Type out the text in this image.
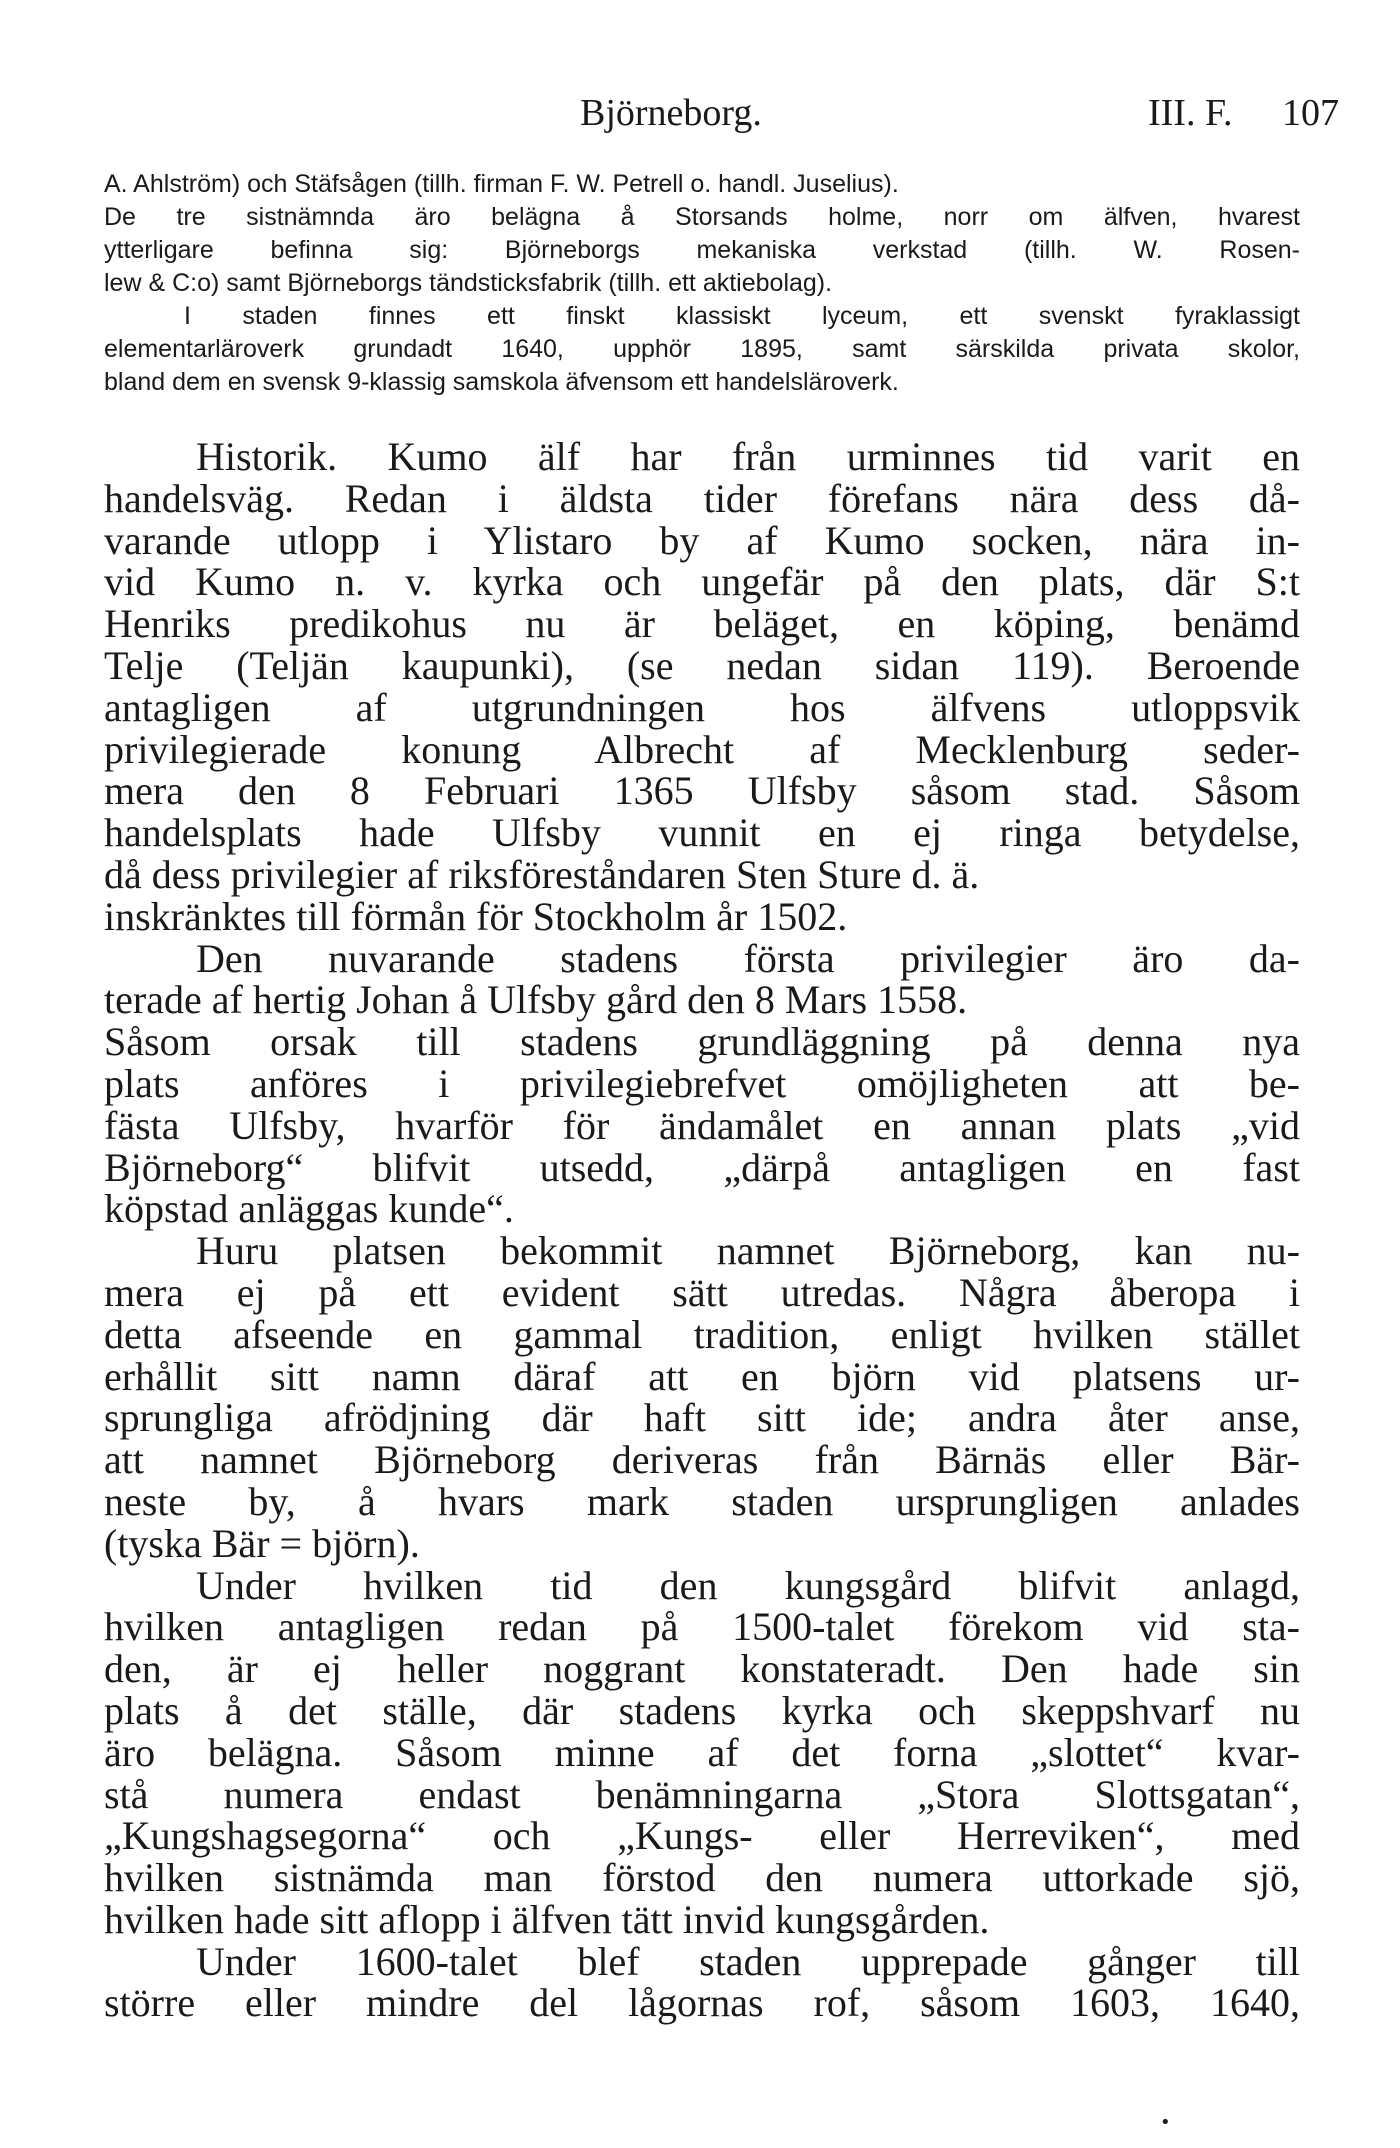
Björneborg.	III. F. 107
A. Ahlström) och Stäfsågen (tillh. firman F. W. Petrell o. handl. Juselius).
De tre sistnämnda äro belägna å Storsands holme, norr om älfven, hvarest
ytterligare befinna sig: Björneborgs mekaniska verkstad (tillh. W. Rosen-
lew & C:o) samt Björneborgs tändsticksfabrik (tillh. ett aktiebolag).
I staden finnes ett finskt klassiskt lyceum, ett svenskt fyraklassigt
elementarläroverk grundadt 1640, upphör 1895, samt särskilda privata skolor,
bland dem en svensk 9-klassig samskola äfvensom ett handelsläroverk.
Historik. Kumo älf har från urminnes tid varit en
handelsväg. Redan i äldsta tider förefans nära dess då-
varande utlopp i Ylistaro by af Kumo socken, nära in-
vid Kumo n. v. kyrka och ungefär på den plats, där S:t
Henriks predikohus nu är beläget, en köping, benämd
Telje (Teljän kaupunki), (se nedan sidan 119). Beroende
antagligen af utgrundningen hos älfvens utloppsvik
privilegierade konung Albrecht af Mecklenburg seder-
mera den 8 Februari 1365 Ulfsby såsom stad. Såsom
handelsplats hade Ulfsby vunnit en ej ringa betydelse,
då dess privilegier af riksföreståndaren Sten Sture d. ä.
inskränktes till förmån för Stockholm år 1502.
Den nuvarande stadens första privilegier äro da-
terade af hertig Johan å Ulfsby gård den 8 Mars 1558.
Såsom orsak till stadens grundläggning på denna nya
plats anföres i privilegiebrefvet omöjligheten att be-
fästa Ulfsby, hvarför för ändamålet en annan plats „vid
Björneborg“ blifvit utsedd, „därpå antagligen en fast
köpstad anläggas kunde“.
Huru platsen bekommit namnet Björneborg, kan nu-
mera ej på ett evident sätt utredas. Några åberopa i
detta afseende en gammal tradition, enligt hvilken stället
erhållit sitt namn däraf att en björn vid platsens ur-
sprungliga afrödjning där haft sitt ide; andra åter anse,
att namnet Björneborg deriveras från Bärnäs eller Bär-
neste by, å hvars mark staden ursprungligen anlades
(tyska Bär = björn).
Under hvilken tid den kungsgård blifvit anlagd,
hvilken antagligen redan på 1500-talet förekom vid sta-
den, är ej heller noggrant konstateradt. Den hade sin
plats å det ställe, där stadens kyrka och skeppshvarf nu
äro belägna. Såsom minne af det forna „slottet“ kvar-
stå numera endast benämningarna „Stora Slottsgatan“,
„Kungshagsegorna“ och „Kungs- eller Herreviken“, med
hvilken sistnämda man förstod den numera uttorkade sjö,
hvilken hade sitt aflopp i älfven tätt invid kungsgården.
Under 1600-talet blef staden upprepade gånger till
större eller mindre del lågornas rof, såsom 1603, 1640,
•
